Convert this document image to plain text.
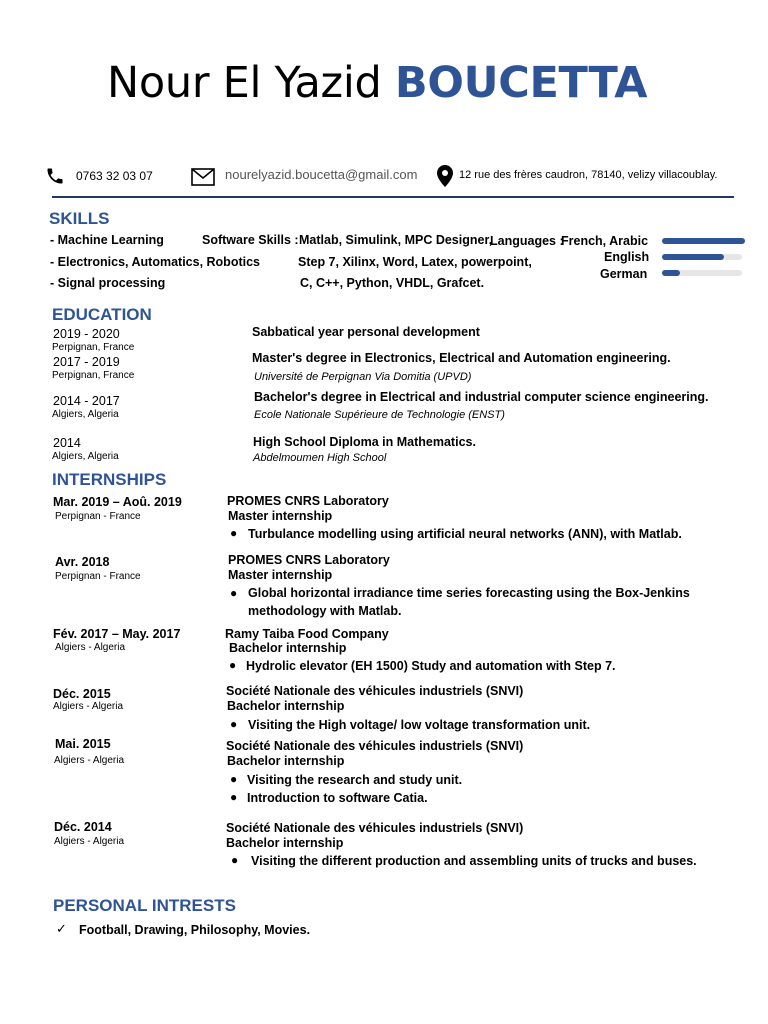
Nour El Yazid BOUCETTA
0763 32 03 07	nourelyazid.boucetta@gmail.com	12 rue des frères caudron, 78140, velizy villacoublay.
SKILLS
- Machine Learning
- Electronics, Automatics, Robotics
- Signal processing
Software Skills : Matlab, Simulink, MPC Designer,
Step 7, Xilinx, Word, Latex, powerpoint,
C, C++, Python, VHDL, Grafcet.
Languages :
French, Arabic
English
German
EDUCATION
2019 - 2020
Perpignan, France
Sabbatical year personal development
2017 - 2019
Perpignan, France
Master's degree in Electronics, Electrical and Automation engineering.
Université de Perpignan Via Domitia (UPVD)
2014 - 2017
Algiers, Algeria
Bachelor's degree in Electrical and industrial computer science engineering.
Ecole Nationale Supérieure de Technologie (ENST)
2014
Algiers, Algeria
High School Diploma in Mathematics.
Abdelmoumen High School
INTERNSHIPS
Mar. 2019 – Aoû. 2019
Perpignan - France
PROMES CNRS Laboratory
Master internship
● Turbulance modelling using artificial neural networks (ANN), with Matlab.
Avr. 2018
Perpignan - France
PROMES CNRS Laboratory
Master internship
● Global horizontal irradiance time series forecasting using the Box-Jenkins
methodology with Matlab.
Fév. 2017 – May. 2017
Algiers - Algeria
Ramy Taiba Food Company
Bachelor internship
● Hydrolic elevator (EH 1500) Study and automation with Step 7.
Déc. 2015
Algiers - Algeria
Société Nationale des véhicules industriels (SNVI)
Bachelor internship
● Visiting the High voltage/ low voltage transformation unit.
Mai. 2015
Algiers - Algeria
Société Nationale des véhicules industriels (SNVI)
Bachelor internship
● Visiting the research and study unit.
● Introduction to software Catia.
Déc. 2014
Algiers - Algeria
Société Nationale des véhicules industriels (SNVI)
Bachelor internship
● Visiting the different production and assembling units of trucks and buses.
PERSONAL INTRESTS
✓ Football, Drawing, Philosophy, Movies.
